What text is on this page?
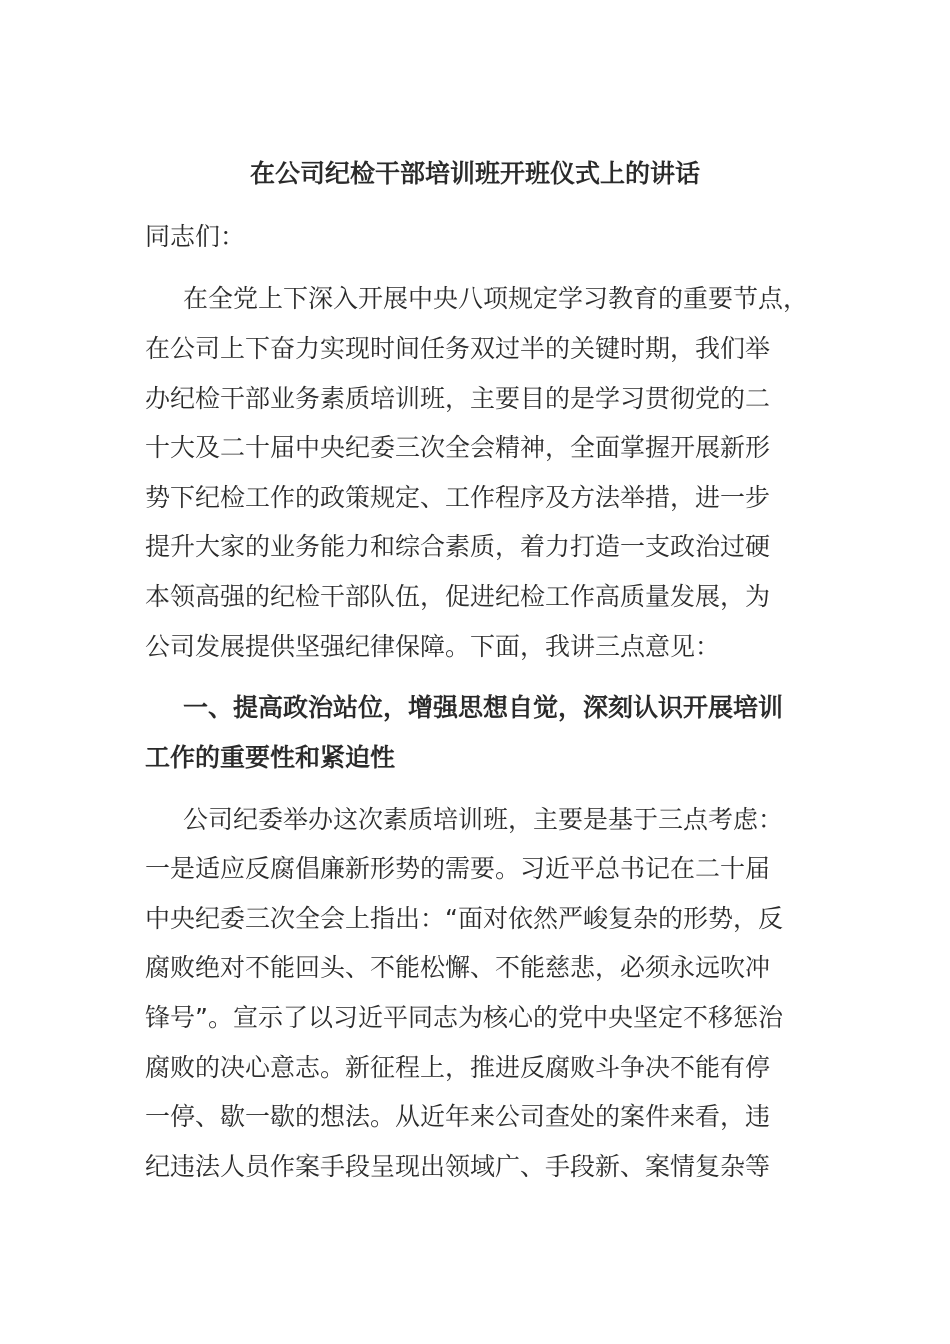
在公司纪检干部培训班开班仪式上的讲话

同志们：

在全党上下深入开展中央八项规定学习教育的重要节点，

在公司上下奋力实现时间任务双过半的关键时期，我们举

办纪检干部业务素质培训班，主要目的是学习贯彻党的二

十大及二十届中央纪委三次全会精神，全面掌握开展新形

势下纪检工作的政策规定、工作程序及方法举措，进一步

提升大家的业务能力和综合素质，着力打造一支政治过硬

本领高强的纪检干部队伍，促进纪检工作高质量发展，为

公司发展提供坚强纪律保障。下面，我讲三点意见：

一、提高政治站位，增强思想自觉，深刻认识开展培训

工作的重要性和紧迫性

公司纪委举办这次素质培训班，主要是基于三点考虑：

一是适应反腐倡廉新形势的需要。习近平总书记在二十届

中央纪委三次全会上指出：“面对依然严峻复杂的形势，反

腐败绝对不能回头、不能松懈、不能慈悲，必须永远吹冲

锋号”。宣示了以习近平同志为核心的党中央坚定不移惩治

腐败的决心意志。新征程上，推进反腐败斗争决不能有停

一停、歇一歇的想法。从近年来公司查处的案件来看，违

纪违法人员作案手段呈现出领域广、手段新、案情复杂等
